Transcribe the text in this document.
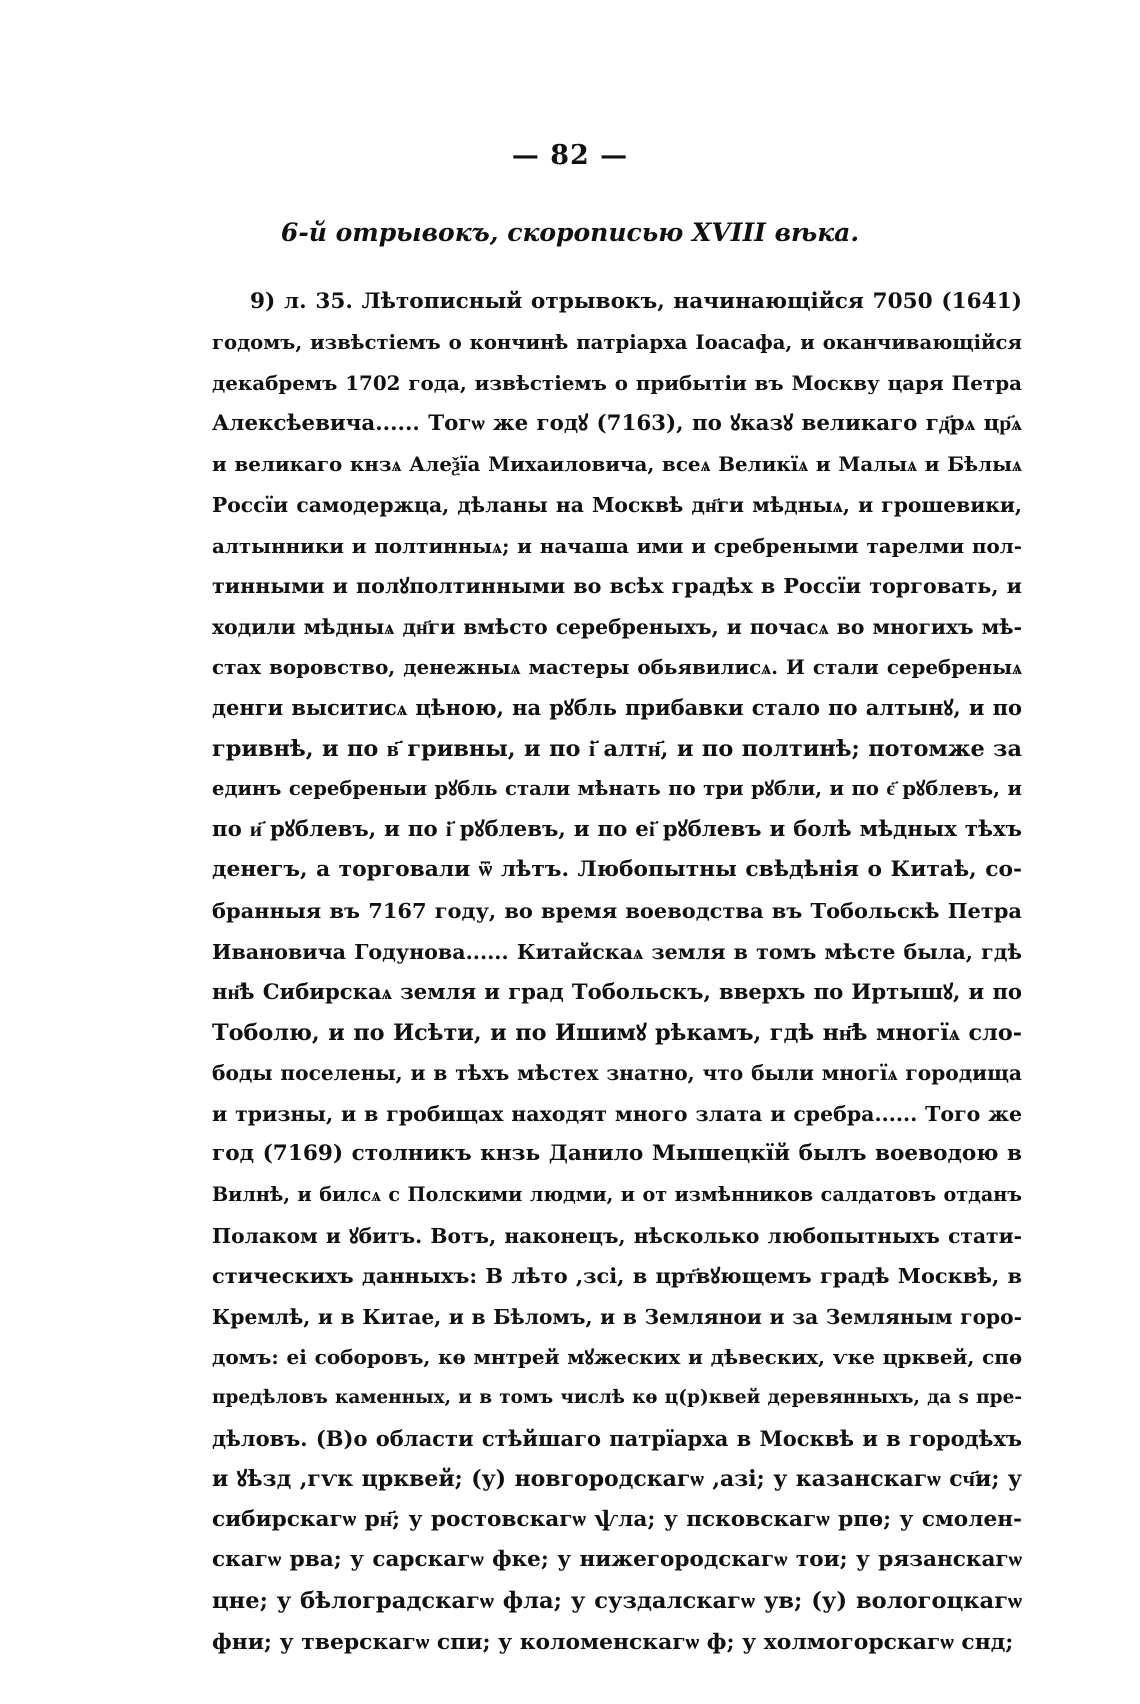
— 82 —
6-й отрывокъ, скорописью XVIII вѣка.
9) л. 35. Лѣтописный отрывокъ, начинающійся 7050 (1641)
годомъ, извѣстіемъ о кончинѣ патріарха Іоасафа, и оканчивающійся
декабремъ 1702 года, извѣстіемъ о прибытіи въ Москву царя Петра
Алексѣевича...... Тогѡ же годꙋ (7163), по ꙋказꙋ великаго гд҃рѧ цр҃ѧ
и великаго кнзѧ Алеѯїа Михаиловича, всеѧ Великїѧ и Малыѧ и Бѣлыѧ
Россїи самодержца, дѣланы на Москвѣ дн҃ги мѣдныѧ, и грошевики,
алтынники и полтинныѧ; и начаша ими и сребреными тарелми пол-
тинными и полꙋполтинными во всѣх градѣх в Россїи торговать, и
ходили мѣдныѧ дн҃ги вмѣсто серебреныхъ, и почасѧ во многихъ мѣ-
стах воровство, денежныѧ мастеры обьявилисѧ. И стали серебреныѧ
денги выситисѧ цѣною, на рꙋбль прибавки стало по алтынꙋ, и по
гривнѣ, и по в҃ гривны, и по і҃ алтн҃, и по полтинѣ; потомже за
единъ серебреныи рꙋбль стали мѣнать по три рꙋбли, и по є҃ рꙋблевъ, и
по и҃ рꙋблевъ, и по і҃ рꙋблевъ, и по еі҃ рꙋблевъ и болѣ мѣдных тѣхъ
денегъ, а торговали ѿ лѣтъ. Любопытны свѣдѣнія о Китаѣ, со-
бранныя въ 7167 году, во время воеводства въ Тобольскѣ Петра
Ивановича Годунова...... Китайскаѧ земля в томъ мѣсте была, гдѣ
нн҃ѣ Сибирскаѧ земля и град Тобольскъ, вверхъ по Иртышꙋ, и по
Тоболю, и по Исѣти, и по Ишимꙋ рѣкамъ, гдѣ нн҃ѣ многїѧ сло-
боды поселены, и в тѣхъ мѣстех знатно, что были многїѧ городища
и тризны, и в гробищах находят много злата и сребра...... Того же
год (7169) столникъ кнзь Данило Мышецкїй былъ воеводою в
Вилнѣ, и билсѧ с Полскими людми, и от измѣнников салдатовъ отданъ
Полаком и ꙋбитъ. Вотъ, наконецъ, нѣсколько любопытныхъ стати-
стическихъ данныхъ: В лѣто ,зсі, в црт҃вꙋющемъ градѣ Москвѣ, в
Кремлѣ, и в Китае, и в Бѣломъ, и в Землянои и за Земляным горо-
домъ: еі соборовъ, кѳ мнтрей мꙋжеских и дѣвеских, ѵке црквей, спѳ
предѣловъ каменных, и в томъ числѣ кѳ ц(р)квей деревянныхъ, да ѕ пре-
дѣловъ. (В)о области стѣйшаго патрїарха в Москвѣ и в городѣхъ
и ꙋѣзд ,гѵк црквей; (у) новгородскагѡ ,азі; у казанскагѡ сч҃и; у
сибирскагѡ рн҃; у ростовскагѡ ѱла; у псковскагѡ рпѳ; у смолен-
скагѡ рва; у сарскагѡ фке; у нижегородскагѡ тои; у рязанскагѡ
цне; у бѣлоградскагѡ фла; у суздалскагѡ ув; (у) вологоцкагѡ
фни; у тверскагѡ спи; у коломенскагѡ ф; у холмогорскагѡ снд;
